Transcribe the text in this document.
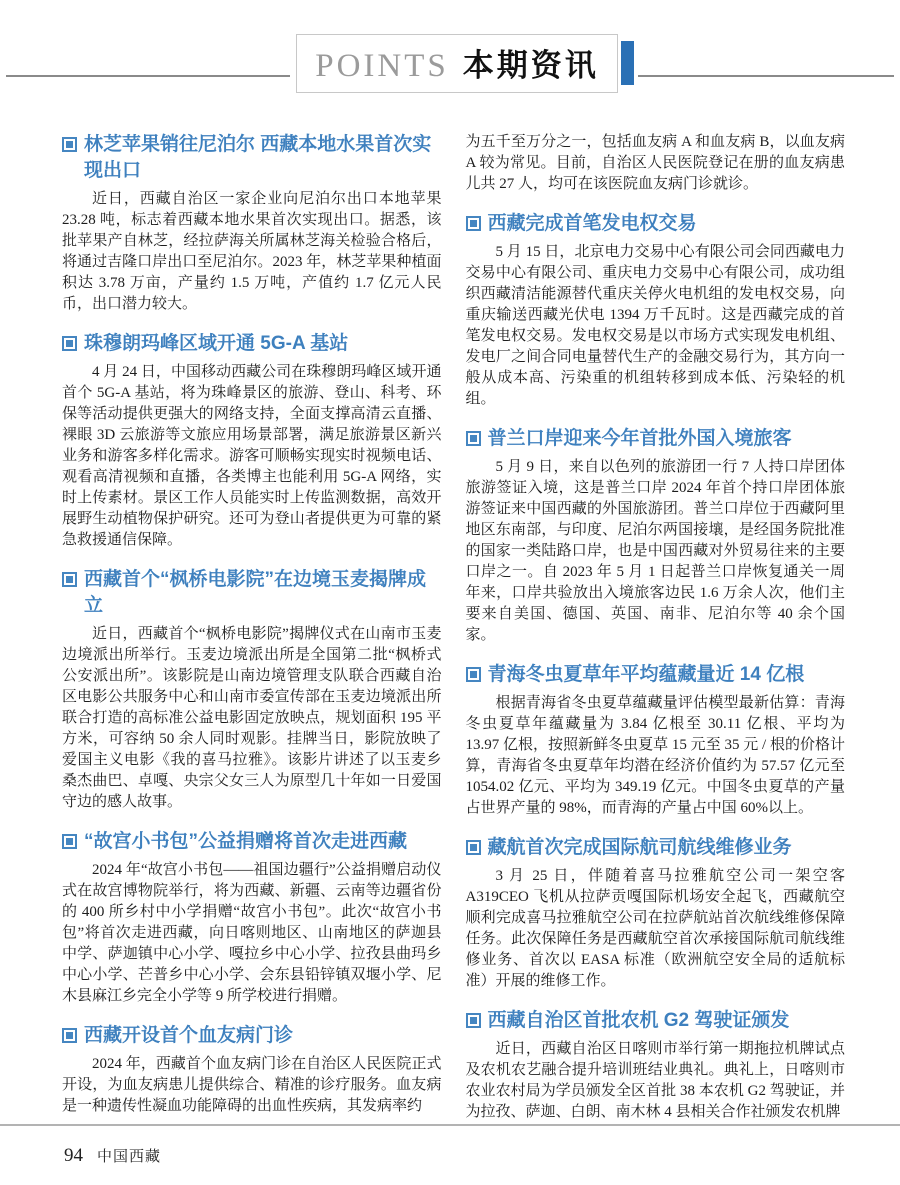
POINTS 本期资讯
林芝苹果销往尼泊尔 西藏本地水果首次实现出口

近日，西藏自治区一家企业向尼泊尔出口本地苹果 23.28 吨，标志着西藏本地水果首次实现出口。据悉，该批苹果产自林芝，经拉萨海关所属林芝海关检验合格后，将通过吉隆口岸出口至尼泊尔。2023 年，林芝苹果种植面积达 3.78 万亩，产量约 1.5 万吨，产值约 1.7 亿元人民币，出口潜力较大。

珠穆朗玛峰区域开通 5G-A 基站

4 月 24 日，中国移动西藏公司在珠穆朗玛峰区域开通首个 5G-A 基站，将为珠峰景区的旅游、登山、科考、环保等活动提供更强大的网络支持，全面支撑高清云直播、裸眼 3D 云旅游等文旅应用场景部署，满足旅游景区新兴业务和游客多样化需求。游客可顺畅实现实时视频电话、观看高清视频和直播，各类博主也能利用 5G-A 网络，实时上传素材。景区工作人员能实时上传监测数据，高效开展野生动植物保护研究。还可为登山者提供更为可靠的紧急救援通信保障。

西藏首个“枫桥电影院”在边境玉麦揭牌成立

近日，西藏首个“枫桥电影院”揭牌仪式在山南市玉麦边境派出所举行。玉麦边境派出所是全国第二批“枫桥式公安派出所”。该影院是山南边境管理支队联合西藏自治区电影公共服务中心和山南市委宣传部在玉麦边境派出所联合打造的高标准公益电影固定放映点，规划面积 195 平方米，可容纳 50 余人同时观影。挂牌当日，影院放映了爱国主义电影《我的喜马拉雅》。该影片讲述了以玉麦乡桑杰曲巴、卓嘎、央宗父女三人为原型几十年如一日爱国守边的感人故事。

“故宫小书包”公益捐赠将首次走进西藏

2024 年“故宫小书包——祖国边疆行”公益捐赠启动仪式在故宫博物院举行，将为西藏、新疆、云南等边疆省份的 400 所乡村中小学捐赠“故宫小书包”。此次“故宫小书包”将首次走进西藏，向日喀则地区、山南地区的萨迦县中学、萨迦镇中心小学、嘎拉乡中心小学、拉孜县曲玛乡中心小学、芒普乡中心小学、会东县铅锌镇双堰小学、尼木县麻江乡完全小学等 9 所学校进行捐赠。

西藏开设首个血友病门诊

2024 年，西藏首个血友病门诊在自治区人民医院正式开设，为血友病患儿提供综合、精准的诊疗服务。血友病是一种遗传性凝血功能障碍的出血性疾病，其发病率约

为五千至万分之一，包括血友病 A 和血友病 B，以血友病 A 较为常见。目前，自治区人民医院登记在册的血友病患儿共 27 人，均可在该医院血友病门诊就诊。

西藏完成首笔发电权交易

5 月 15 日，北京电力交易中心有限公司会同西藏电力交易中心有限公司、重庆电力交易中心有限公司，成功组织西藏清洁能源替代重庆关停火电机组的发电权交易，向重庆输送西藏光伏电 1394 万千瓦时。这是西藏完成的首笔发电权交易。发电权交易是以市场方式实现发电机组、发电厂之间合同电量替代生产的金融交易行为，其方向一般从成本高、污染重的机组转移到成本低、污染轻的机组。

普兰口岸迎来今年首批外国入境旅客

5 月 9 日，来自以色列的旅游团一行 7 人持口岸团体旅游签证入境，这是普兰口岸 2024 年首个持口岸团体旅游签证来中国西藏的外国旅游团。普兰口岸位于西藏阿里地区东南部，与印度、尼泊尔两国接壤，是经国务院批准的国家一类陆路口岸，也是中国西藏对外贸易往来的主要口岸之一。自 2023 年 5 月 1 日起普兰口岸恢复通关一周年来，口岸共验放出入境旅客边民 1.6 万余人次，他们主要来自美国、德国、英国、南非、尼泊尔等 40 余个国家。

青海冬虫夏草年平均蕴藏量近 14 亿根

根据青海省冬虫夏草蕴藏量评估模型最新估算：青海冬虫夏草年蕴藏量为 3.84 亿根至 30.11 亿根、平均为 13.97 亿根，按照新鲜冬虫夏草 15 元至 35 元 / 根的价格计算，青海省冬虫夏草年均潜在经济价值约为 57.57 亿元至 1054.02 亿元、平均为 349.19 亿元。中国冬虫夏草的产量占世界产量的 98%，而青海的产量占中国 60%以上。

藏航首次完成国际航司航线维修业务

3 月 25 日，伴随着喜马拉雅航空公司一架空客 A319CEO 飞机从拉萨贡嘎国际机场安全起飞，西藏航空顺利完成喜马拉雅航空公司在拉萨航站首次航线维修保障任务。此次保障任务是西藏航空首次承接国际航司航线维修业务、首次以 EASA 标准（欧洲航空安全局的适航标准）开展的维修工作。

西藏自治区首批农机 G2 驾驶证颁发

近日，西藏自治区日喀则市举行第一期拖拉机牌试点及农机农艺融合提升培训班结业典礼。典礼上，日喀则市农业农村局为学员颁发全区首批 38 本农机 G2 驾驶证，并为拉孜、萨迦、白朗、南木林 4 县相关合作社颁发农机牌

94 中国西藏
